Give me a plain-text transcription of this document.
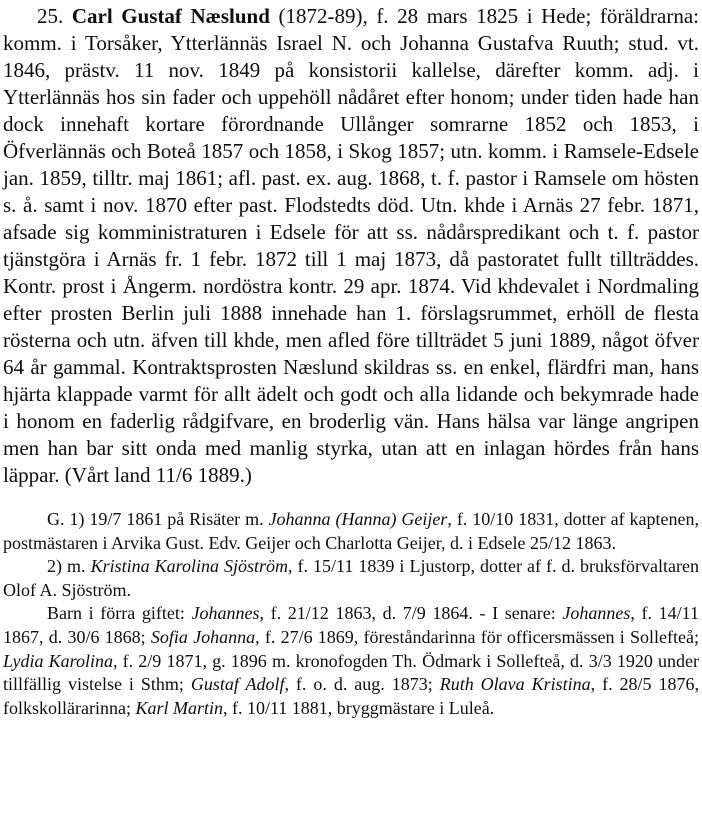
25. Carl Gustaf Næslund (1872-89), f. 28 mars 1825 i Hede; föräldrarna: komm. i Torsåker, Ytterlännäs Israel N. och Johanna Gustafva Ruuth; stud. vt. 1846, prästv. 11 nov. 1849 på konsistorii kallelse, därefter komm. adj. i Ytterlännäs hos sin fader och uppehöll nådåret efter honom; under tiden hade han dock innehaft kortare förordnande Ullånger somrarne 1852 och 1853, i Öfverlännäs och Boteå 1857 och 1858, i Skog 1857; utn. komm. i Ramsele-Edsele jan. 1859, tilltr. maj 1861; afl. past. ex. aug. 1868, t. f. pastor i Ramsele om hösten s. å. samt i nov. 1870 efter past. Flodstedts död. Utn. khde i Arnäs 27 febr. 1871, afsade sig komministraturen i Edsele för att ss. nådårspredikant och t. f. pastor tjänstgöra i Arnäs fr. 1 febr. 1872 till 1 maj 1873, då pastoratet fullt tillträddes. Kontr. prost i Ångerm. nordöstra kontr. 29 apr. 1874. Vid khdevalet i Nordmaling efter prosten Berlin juli 1888 innehade han 1. förslagsrummet, erhöll de flesta rösterna och utn. äfven till khde, men afled före tillträdet 5 juni 1889, något öfver 64 år gammal. Kontraktsprosten Næslund skildras ss. en enkel, flärdfri man, hans hjärta klappade varmt för allt ädelt och godt och alla lidande och bekymrade hade i honom en faderlig rådgifvare, en broderlig vän. Hans hälsa var länge angripen men han bar sitt onda med manlig styrka, utan att en inlagan hördes från hans läppar. (Vårt land 11/6 1889.)

G. 1) 19/7 1861 på Risäter m. Johanna (Hanna) Geijer, f. 10/10 1831, dotter af kaptenen, postmästaren i Arvika Gust. Edv. Geijer och Charlotta Geijer, d. i Edsele 25/12 1863.

2) m. Kristina Karolina Sjöström, f. 15/11 1839 i Ljustorp, dotter af f. d. bruksförvaltaren Olof A. Sjöström.

Barn i förra giftet: Johannes, f. 21/12 1863, d. 7/9 1864. - I senare: Johannes, f. 14/11 1867, d. 30/6 1868; Sofia Johanna, f. 27/6 1869, föreståndarinna för officersmässen i Sollefteå; Lydia Karolina, f. 2/9 1871, g. 1896 m. kronofogden Th. Ödmark i Sollefteå, d. 3/3 1920 under tillfällig vistelse i Sthm; Gustaf Adolf, f. o. d. aug. 1873; Ruth Olava Kristina, f. 28/5 1876, folkskollärarinna; Karl Martin, f. 10/11 1881, bryggmästare i Luleå.
